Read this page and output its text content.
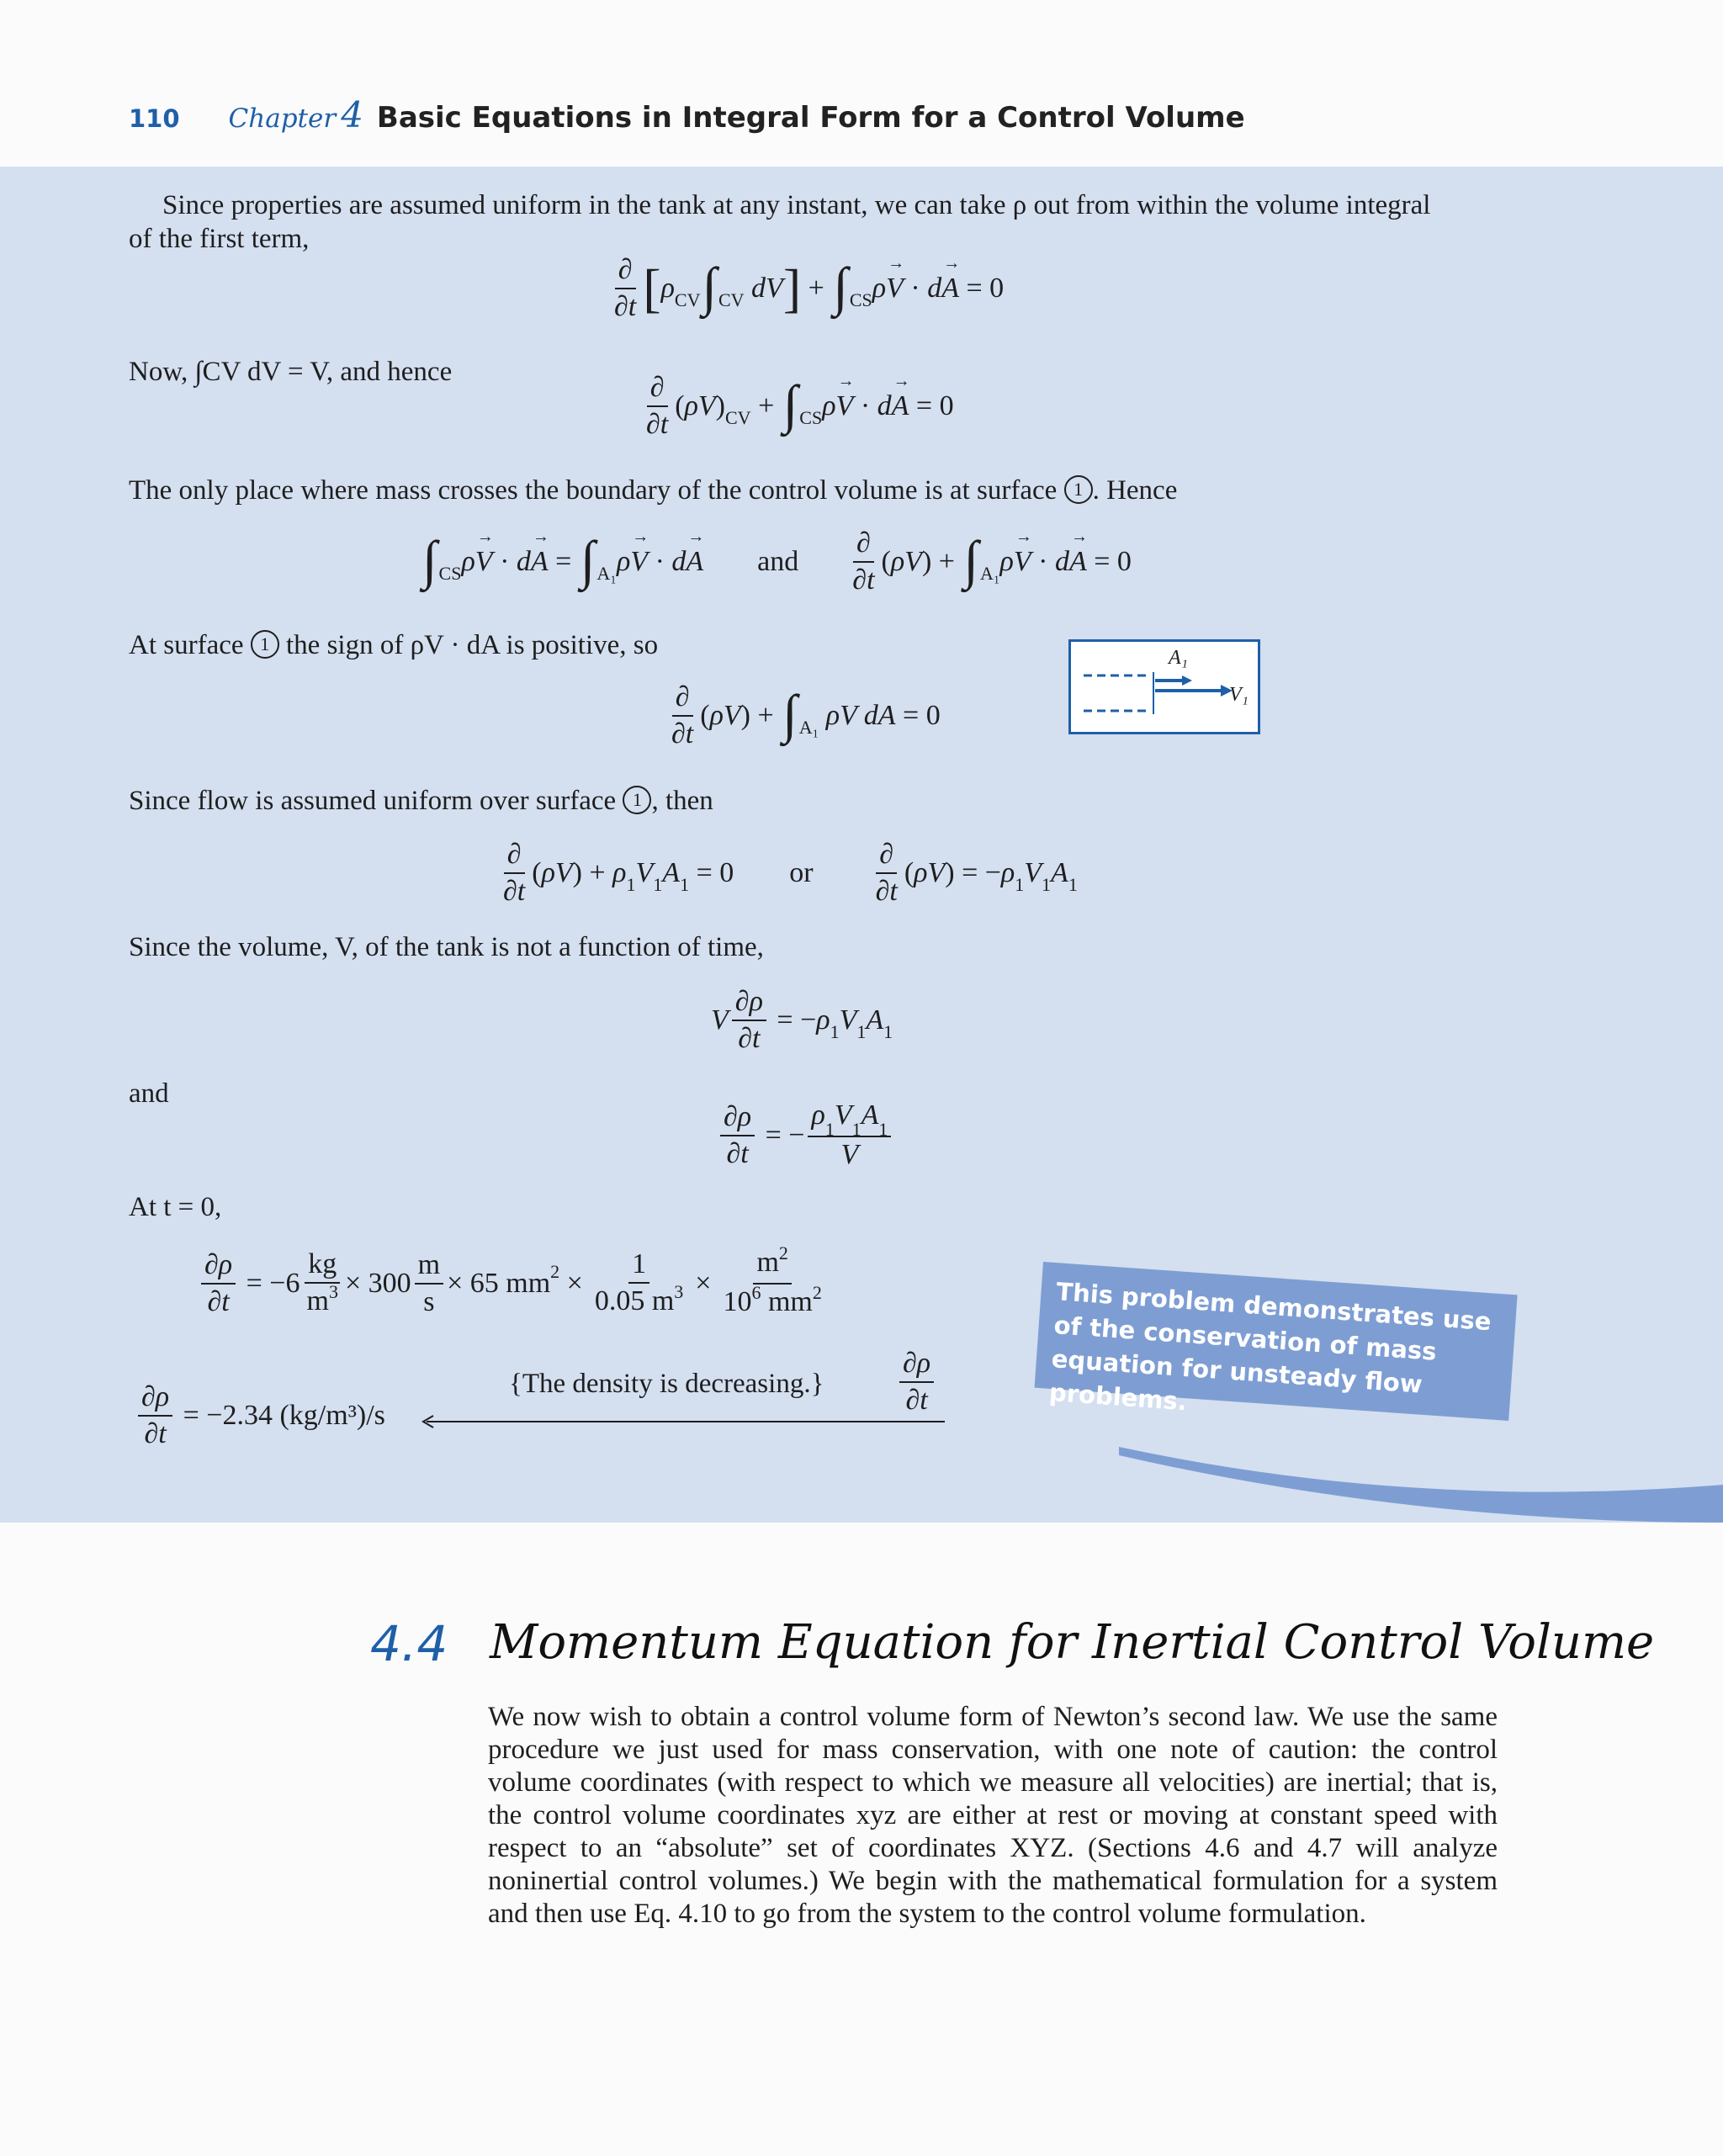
110 Chapter 4 Basic Equations in Integral Form for a Control Volume
Since properties are assumed uniform in the tank at any instant, we can take ρ out from within the volume integral
of the first term,
$\frac{\partial}{\partial t}$ [ ρ CV ∫ CV dV ] + ∫ CS ρ → V · d → A = 0
Now, ∫CV dV = V, and hence	$\frac{\partial}{\partial t}$ ( ρV ) CV + ∫ CS ρ → V · d → A = 0
The only place where mass crosses the boundary of the control volume is at surface 1 . Hence
∫ CS ρ → V · d → A = ∫ A₁ ρ → V · d → A and $\frac{\partial}{\partial t}$ ( ρV ) + ∫ A₁ ρ → V · d → A = 0
At surface 1 the sign of ρV · dA is positive, so
$\frac{\partial}{\partial t}$ ( ρV ) + ∫ A₁ ρV dA = 0
A₁
V₁
Since flow is assumed uniform over surface 1 , then
$\frac{\partial}{\partial t}$ ( ρV ) + ρ 1 V 1 A 1 = 0 or $\frac{\partial}{\partial t}$ ( ρV ) = − ρ 1 V 1 A 1
Since the volume, V, of the tank is not a function of time,
V $\frac{\partial\rho}{\partial t}$ = − ρ 1 V 1 A 1
and
$\frac{\partial\rho}{\partial t}$ = − $\frac{\rho_1V_1A_1}{V}$
At t = 0,
$\frac{\partial\rho}{\partial t} = -6 \frac{kg}{m^3} \times 300 \frac{m}{s} \times 65$ mm $2 \times \frac{1}{0.05 m^3} \times \frac{m^2}{10^6 mm^2}$
$\frac{\partial\rho}{\partial t}$
= −2.34 (kg/m³)/s
{The density is decreasing.}	$\frac{\partial\rho}{\partial t}$
This problem demonstrates use of the conservation of mass equation for unsteady flow problems.
4.4 Momentum Equation for Inertial Control Volume
We now wish to obtain a control volume form of Newton’s second law. We use the same procedure we just used for mass conservation, with one note of caution: the control volume coordinates (with respect to which we measure all velocities) are inertial; that is, the control volume coordinates xyz are either at rest or moving at constant speed with respect to an “absolute” set of coordinates XYZ. (Sections 4.6 and 4.7 will analyze noninertial control volumes.) We begin with the mathematical formulation for a system and then use Eq. 4.10 to go from the system to the control volume formulation.
